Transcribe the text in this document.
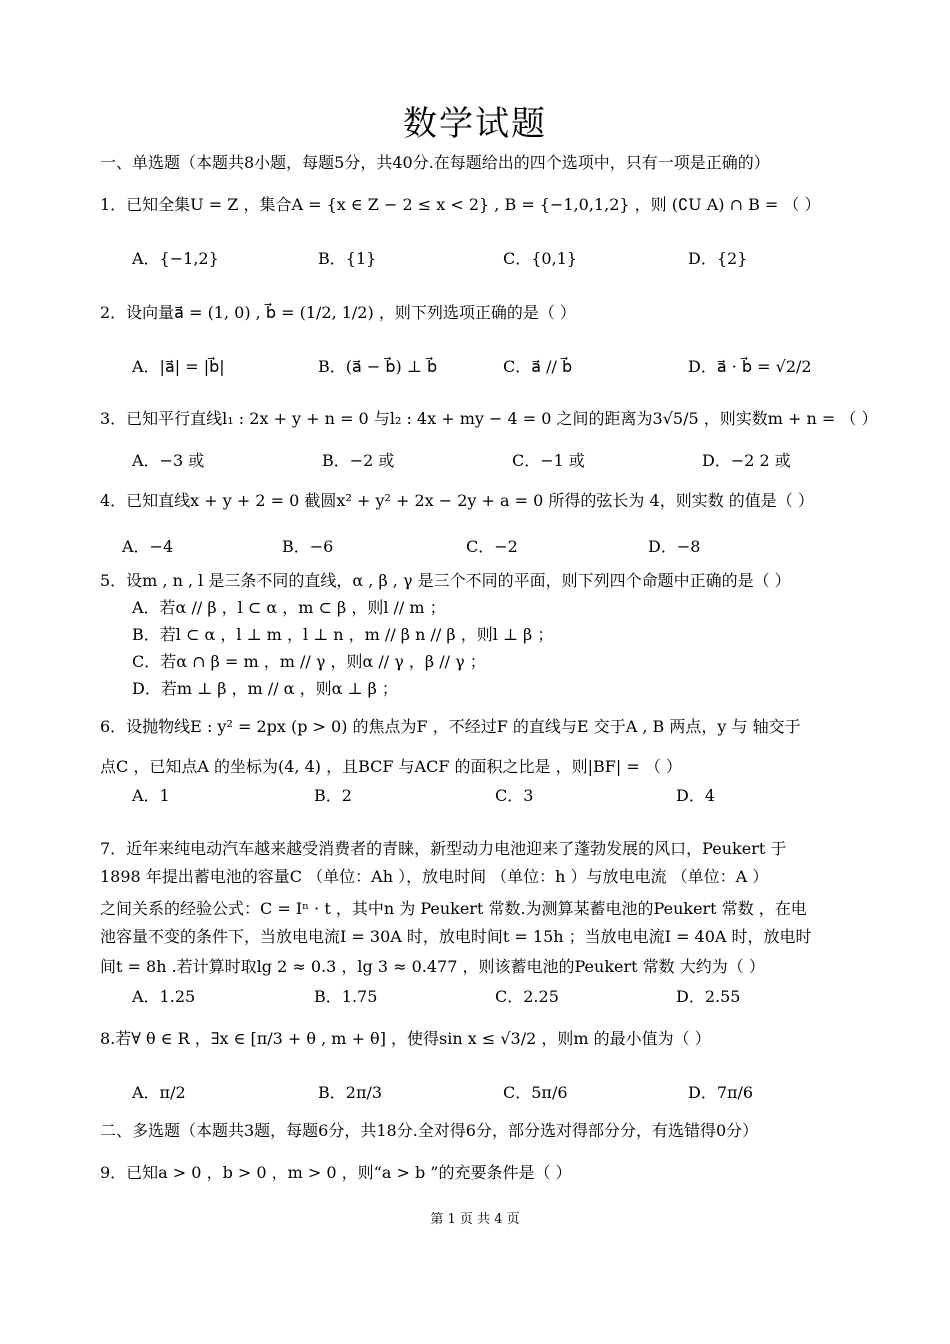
数学试题
一、单选题（本题共8小题，每题5分，共40分.在每题给出的四个选项中，只有一项是正确的）
1．已知全集U = Z ，集合A = {x ∈ Z − 2 ≤ x < 2} , B = {−1,0,1,2} ，则 (∁U A) ∩ B = （ ）
A．{−1,2}	B．{1}	C．{0,1}	D．{2}
2．设向量a⃗ = (1, 0) , b⃗ = (1/2, 1/2) ，则下列选项正确的是（ ）
A．|a⃗| = |b⃗|	B．(a⃗ − b⃗) ⊥ b⃗	C．a⃗ // b⃗	D．a⃗ · b⃗ = √2/2
3．已知平行直线l₁ : 2x + y + n = 0 与l₂ : 4x + my − 4 = 0 之间的距离为3√5/5 ，则实数m + n = （ ）
A．−3 或	B．−2 或	C．−1 或	D．−2 2 或
4．已知直线x + y + 2 = 0 截圆x² + y² + 2x − 2y + a = 0 所得的弦长为 4，则实数 的值是（ ）
A．−4	B．−6	C．−2	D．−8
5．设m , n , l 是三条不同的直线，α , β , γ 是三个不同的平面，则下列四个命题中正确的是（ ）
A．若α // β ，l ⊂ α ，m ⊂ β ，则l // m ；
B．若l ⊂ α ，l ⊥ m ，l ⊥ n ，m // β n // β ，则l ⊥ β ；
C．若α ∩ β = m ，m // γ ，则α // γ ，β // γ ；
D．若m ⊥ β ，m // α ，则α ⊥ β ；
6．设抛物线E : y² = 2px (p > 0) 的焦点为F ，不经过F 的直线与E 交于A , B 两点，y 与 轴交于
点C ，已知点A 的坐标为(4, 4) ，且BCF 与ACF 的面积之比是 ，则|BF| = （ ）
A．1	B．2	C．3	D．4
7．近年来纯电动汽车越来越受消费者的青睐，新型动力电池迎来了蓬勃发展的风口，Peukert 于
1898 年提出蓄电池的容量C （单位：Ah ），放电时间 （单位：h ）与放电电流 （单位：A ）
之间关系的经验公式：C = Iⁿ · t ，其中n 为 Peukert 常数.为测算某蓄电池的Peukert 常数 ，在电
池容量不变的条件下，当放电电流I = 30A 时，放电时间t = 15h ；当放电电流I = 40A 时，放电时
间t = 8h .若计算时取lg 2 ≈ 0.3 ，lg 3 ≈ 0.477 ，则该蓄电池的Peukert 常数 大约为（ ）
A．1.25	B．1.75	C．2.25	D．2.55
8.若∀ θ ∈ R ，∃x ∈ [π/3 + θ , m + θ] ，使得sin x ≤ √3/2 ，则m 的最小值为（ ）
A．π/2	B．2π/3	C．5π/6	D．7π/6
二、多选题（本题共3题，每题6分，共18分.全对得6分，部分选对得部分分，有选错得0分）
9．已知a > 0 ，b > 0 ，m > 0 ，则“a > b ”的充要条件是（ ）
第 1 页 共 4 页
